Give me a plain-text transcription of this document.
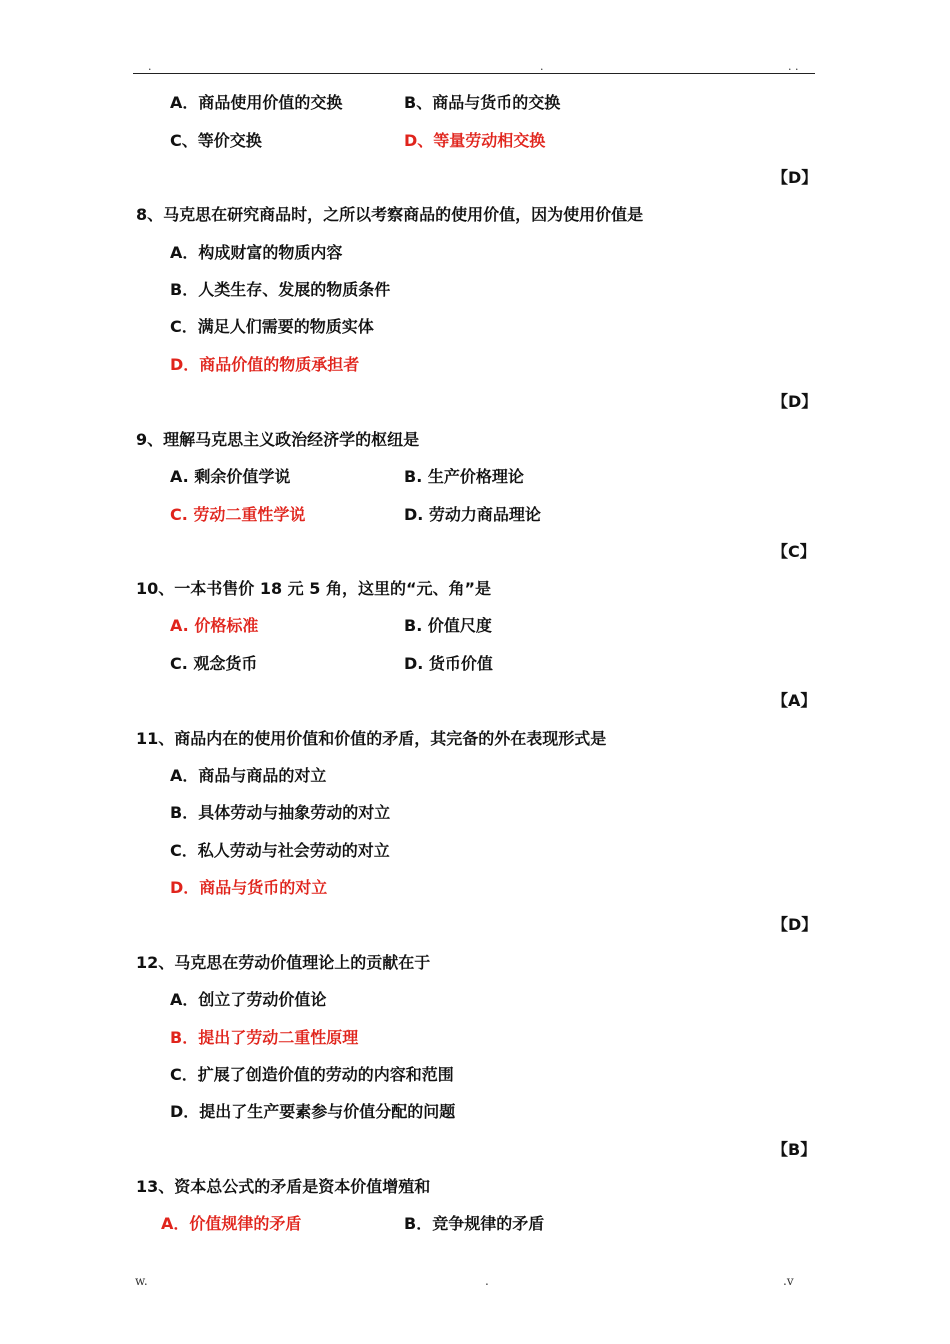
.	.	. .
A．商品使用价值的交换	B、商品与货币的交换
C、等价交换	D、等量劳动相交换
【D】
8、马克思在研究商品时，之所以考察商品的使用价值，因为使用价值是
A．构成财富的物质内容
B．人类生存、发展的物质条件
C．满足人们需要的物质实体
D．商品价值的物质承担者
【D】
9、理解马克思主义政治经济学的枢纽是
A. 剩余价值学说	B. 生产价格理论
C. 劳动二重性学说	D. 劳动力商品理论
【C】
10、一本书售价 18 元 5 角，这里的“元、角”是
A. 价格标准	B. 价值尺度
C. 观念货币	D. 货币价值
【A】
11、商品内在的使用价值和价值的矛盾，其完备的外在表现形式是
A．商品与商品的对立
B．具体劳动与抽象劳动的对立
C．私人劳动与社会劳动的对立
D．商品与货币的对立
【D】
12、马克思在劳动价值理论上的贡献在于
A．创立了劳动价值论
B．提出了劳动二重性原理
C．扩展了创造价值的劳动的内容和范围
D．提出了生产要素参与价值分配的问题
【B】
13、资本总公式的矛盾是资本价值增殖和
A．价值规律的矛盾	B．竞争规律的矛盾
w.	.	.v
